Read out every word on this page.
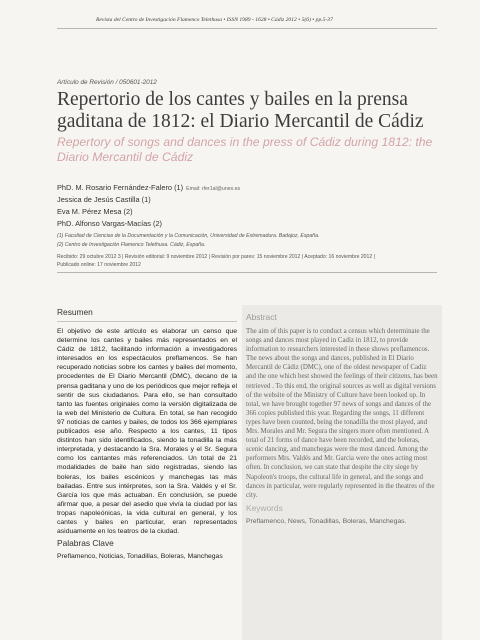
Revista del Centro de Investigación Flamenco Telethusa • ISSN 1989 - 1628 • Cádiz 2012 • 5(6) • pp.5-37
Artículo de Revisión / 050601-2012
Repertorio de los cantes y bailes en la prensa gaditana de 1812: el Diario Mercantil de Cádiz
Repertory of songs and dances in the press of Cádiz during 1812: the Diario Mercantil de Cádiz
PhD. M. Rosario Fernández-Falero (1) Email: rfer1al@unex.es
Jessica de Jesús Castilla (1)
Eva M. Pérez Mesa (2)
PhD. Alfonso Vargas-Macías (2)
(1) Facultad de Ciencias de la Documentación y la Comunicación, Universidad de Extremadura. Badajoz, España.
(2) Centro de Investigación Flamenco Telethusa. Cádiz, España.
Recibido: 29 octubre 2012 3 | Revisión editorial: 9 noviembre 2012 | Revisión por pares: 15 noviembre 2012 | Aceptado: 16 noviembre 2012 |
Publicado online: 17 noviembre 2012
Resumen
El objetivo de este artículo es elaborar un censo que determine los cantes y bailes más representados en el Cádiz de 1812, facilitando información a investigadores interesados en los espectáculos preflamencos. Se han recuperado noticias sobre los cantes y bailes del momento, procedentes de El Diario Mercantil (DMC), decano de la prensa gaditana y uno de los periódicos que mejor refleja el sentir de sus ciudadanos. Para ello, se han consultado tanto las fuentes originales como la versión digitalizada de la web del Ministerio de Cultura. En total, se han recogido 97 noticias de cantes y bailes, de todos los 366 ejemplares publicados ese año. Respecto a los cantes, 11 tipos distintos han sido identificados, siendo la tonadilla la más interpretada, y destacando la Sra. Morales y el Sr. Segura como los cantantes más referenciados. Un total de 21 modalidades de baile han sido registradas, siendo las boleras, los bailes escénicos y manchegas las más bailadas. Entre sus intérpretes, son la Sra. Valdés y el Sr. García los que más actuaban. En conclusión, se puede afirmar que, a pesar del asedio que vivía la ciudad por las tropas napoleónicas, la vida cultural en general, y los cantes y bailes en particular, eran representados asiduamente en los teatros de la ciudad.
Palabras Clave
Preflamenco, Noticias, Tonadillas, Boleras, Manchegas
Abstract
The aim of this paper is to conduct a census which determinate the songs and dances most played in Cadiz in 1812, to provide information to researchers interested in these shows preflamencos. The news about the songs and dances, published in El Diario Mercantil de Cádiz (DMC), one of the oldest newspaper of Cadiz and the one which best showed the feelings of their citizens, has been retrieved . To this end, the original sources as well as digital versions of the website of the Ministry of Culture have been looked up. In total, we have brought together 97 news of songs and dances of the 366 copies published this year. Regarding the songs, 11 different types have been counted, being the tonadilla the most played, and Mrs. Morales and Mr. Segura the singers more often mentioned. A total of 21 forms of dance have been recorded, and the boleras, scenic dancing, and manchegas were the most danced. Among the performers Mrs. Valdés and Mr. Garcia were the ones acting most often. In conclusion, we can state that despite the city siege by Napoleon's troops, the cultural life in general, and the songs and dances in particular, were regularly represented in the theatres of the city.
Keywords
Preflamenco, News, Tonadillas, Boleras, Manchegas.
